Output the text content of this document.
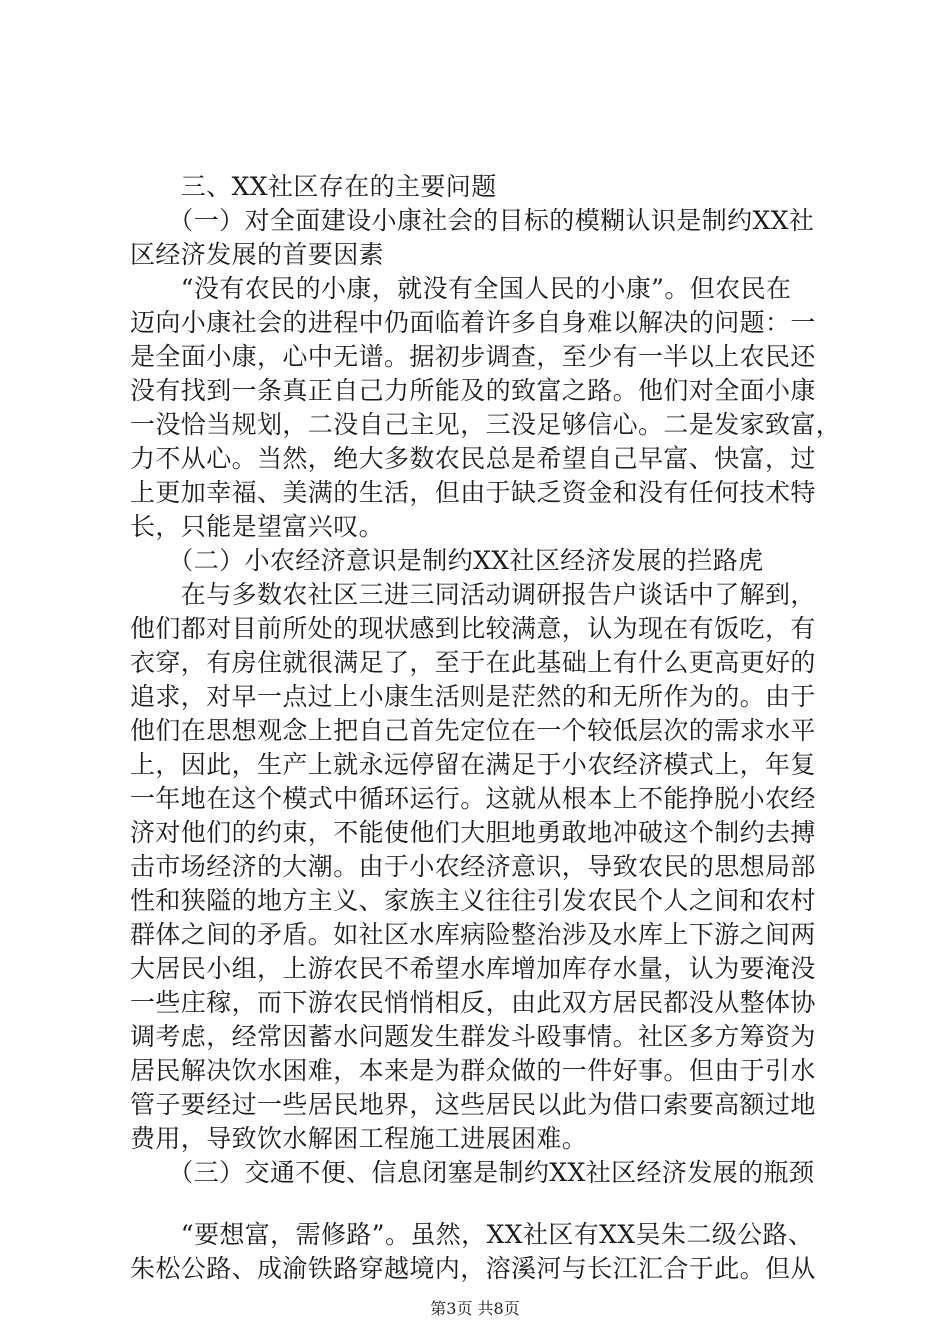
　　三、XX社区存在的主要问题
　　（一）对全面建设小康社会的目标的模糊认识是制约XX社
区经济发展的首要因素
　　“没有农民的小康，就没有全国人民的小康”。但农民在
迈向小康社会的进程中仍面临着许多自身难以解决的问题：一
是全面小康，心中无谱。据初步调查，至少有一半以上农民还
没有找到一条真正自己力所能及的致富之路。他们对全面小康
一没恰当规划，二没自己主见，三没足够信心。二是发家致富，
力不从心。当然，绝大多数农民总是希望自己早富、快富，过
上更加幸福、美满的生活，但由于缺乏资金和没有任何技术特
长，只能是望富兴叹。
　　（二）小农经济意识是制约XX社区经济发展的拦路虎
　　在与多数农社区三进三同活动调研报告户谈话中了解到，
他们都对目前所处的现状感到比较满意，认为现在有饭吃，有
衣穿，有房住就很满足了，至于在此基础上有什么更高更好的
追求，对早一点过上小康生活则是茫然的和无所作为的。由于
他们在思想观念上把自己首先定位在一个较低层次的需求水平
上，因此，生产上就永远停留在满足于小农经济模式上，年复
一年地在这个模式中循环运行。这就从根本上不能挣脱小农经
济对他们的约束，不能使他们大胆地勇敢地冲破这个制约去搏
击市场经济的大潮。由于小农经济意识，导致农民的思想局部
性和狭隘的地方主义、家族主义往往引发农民个人之间和农村
群体之间的矛盾。如社区水库病险整治涉及水库上下游之间两
大居民小组，上游农民不希望水库增加库存水量，认为要淹没
一些庄稼，而下游农民悄悄相反，由此双方居民都没从整体协
调考虑，经常因蓄水问题发生群发斗殴事情。社区多方筹资为
居民解决饮水困难，本来是为群众做的一件好事。但由于引水
管子要经过一些居民地界，这些居民以此为借口索要高额过地
费用，导致饮水解困工程施工进展困难。
　　（三）交通不便、信息闭塞是制约XX社区经济发展的瓶颈
　　“要想富，需修路”。虽然，XX社区有XX吴朱二级公路、
朱松公路、成渝铁路穿越境内，溶溪河与长江汇合于此。但从
第3页 共8页
